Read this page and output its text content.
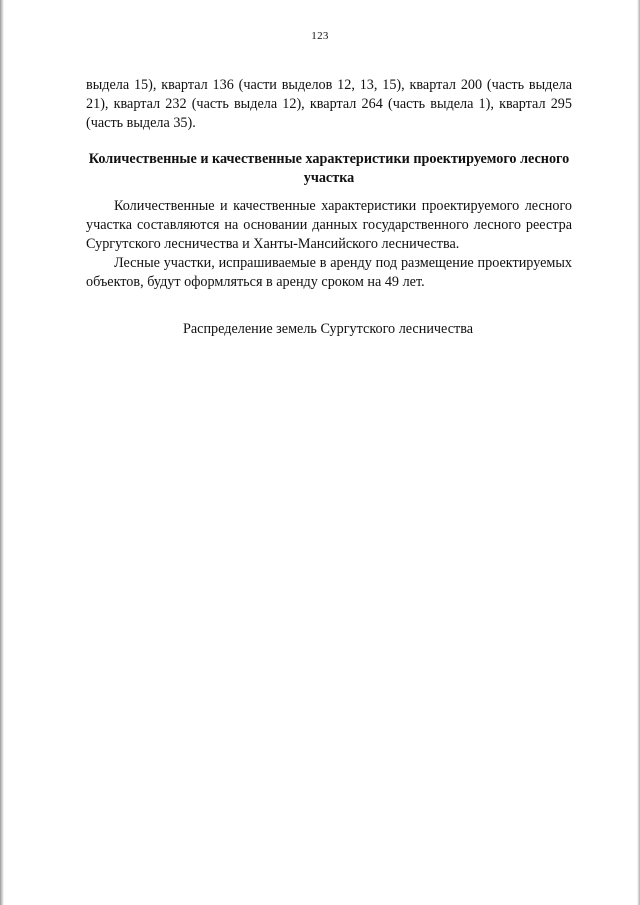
123
выдела 15), квартал 136 (части выделов 12, 13, 15), квартал 200 (часть выдела 21), квартал 232 (часть выдела 12), квартал 264 (часть выдела 1), квартал 295 (часть выдела 35).
Количественные и качественные характеристики проектируемого лесного участка

Количественные и качественные характеристики проектируемого лесного участка составляются на основании данных государственного лесного реестра Сургутского лесничества и Ханты-Мансийского лесничества.

Лесные участки, испрашиваемые в аренду под размещение проектируемых объектов, будут оформляться в аренду сроком на 49 лет.

Распределение земель Сургутского лесничества
